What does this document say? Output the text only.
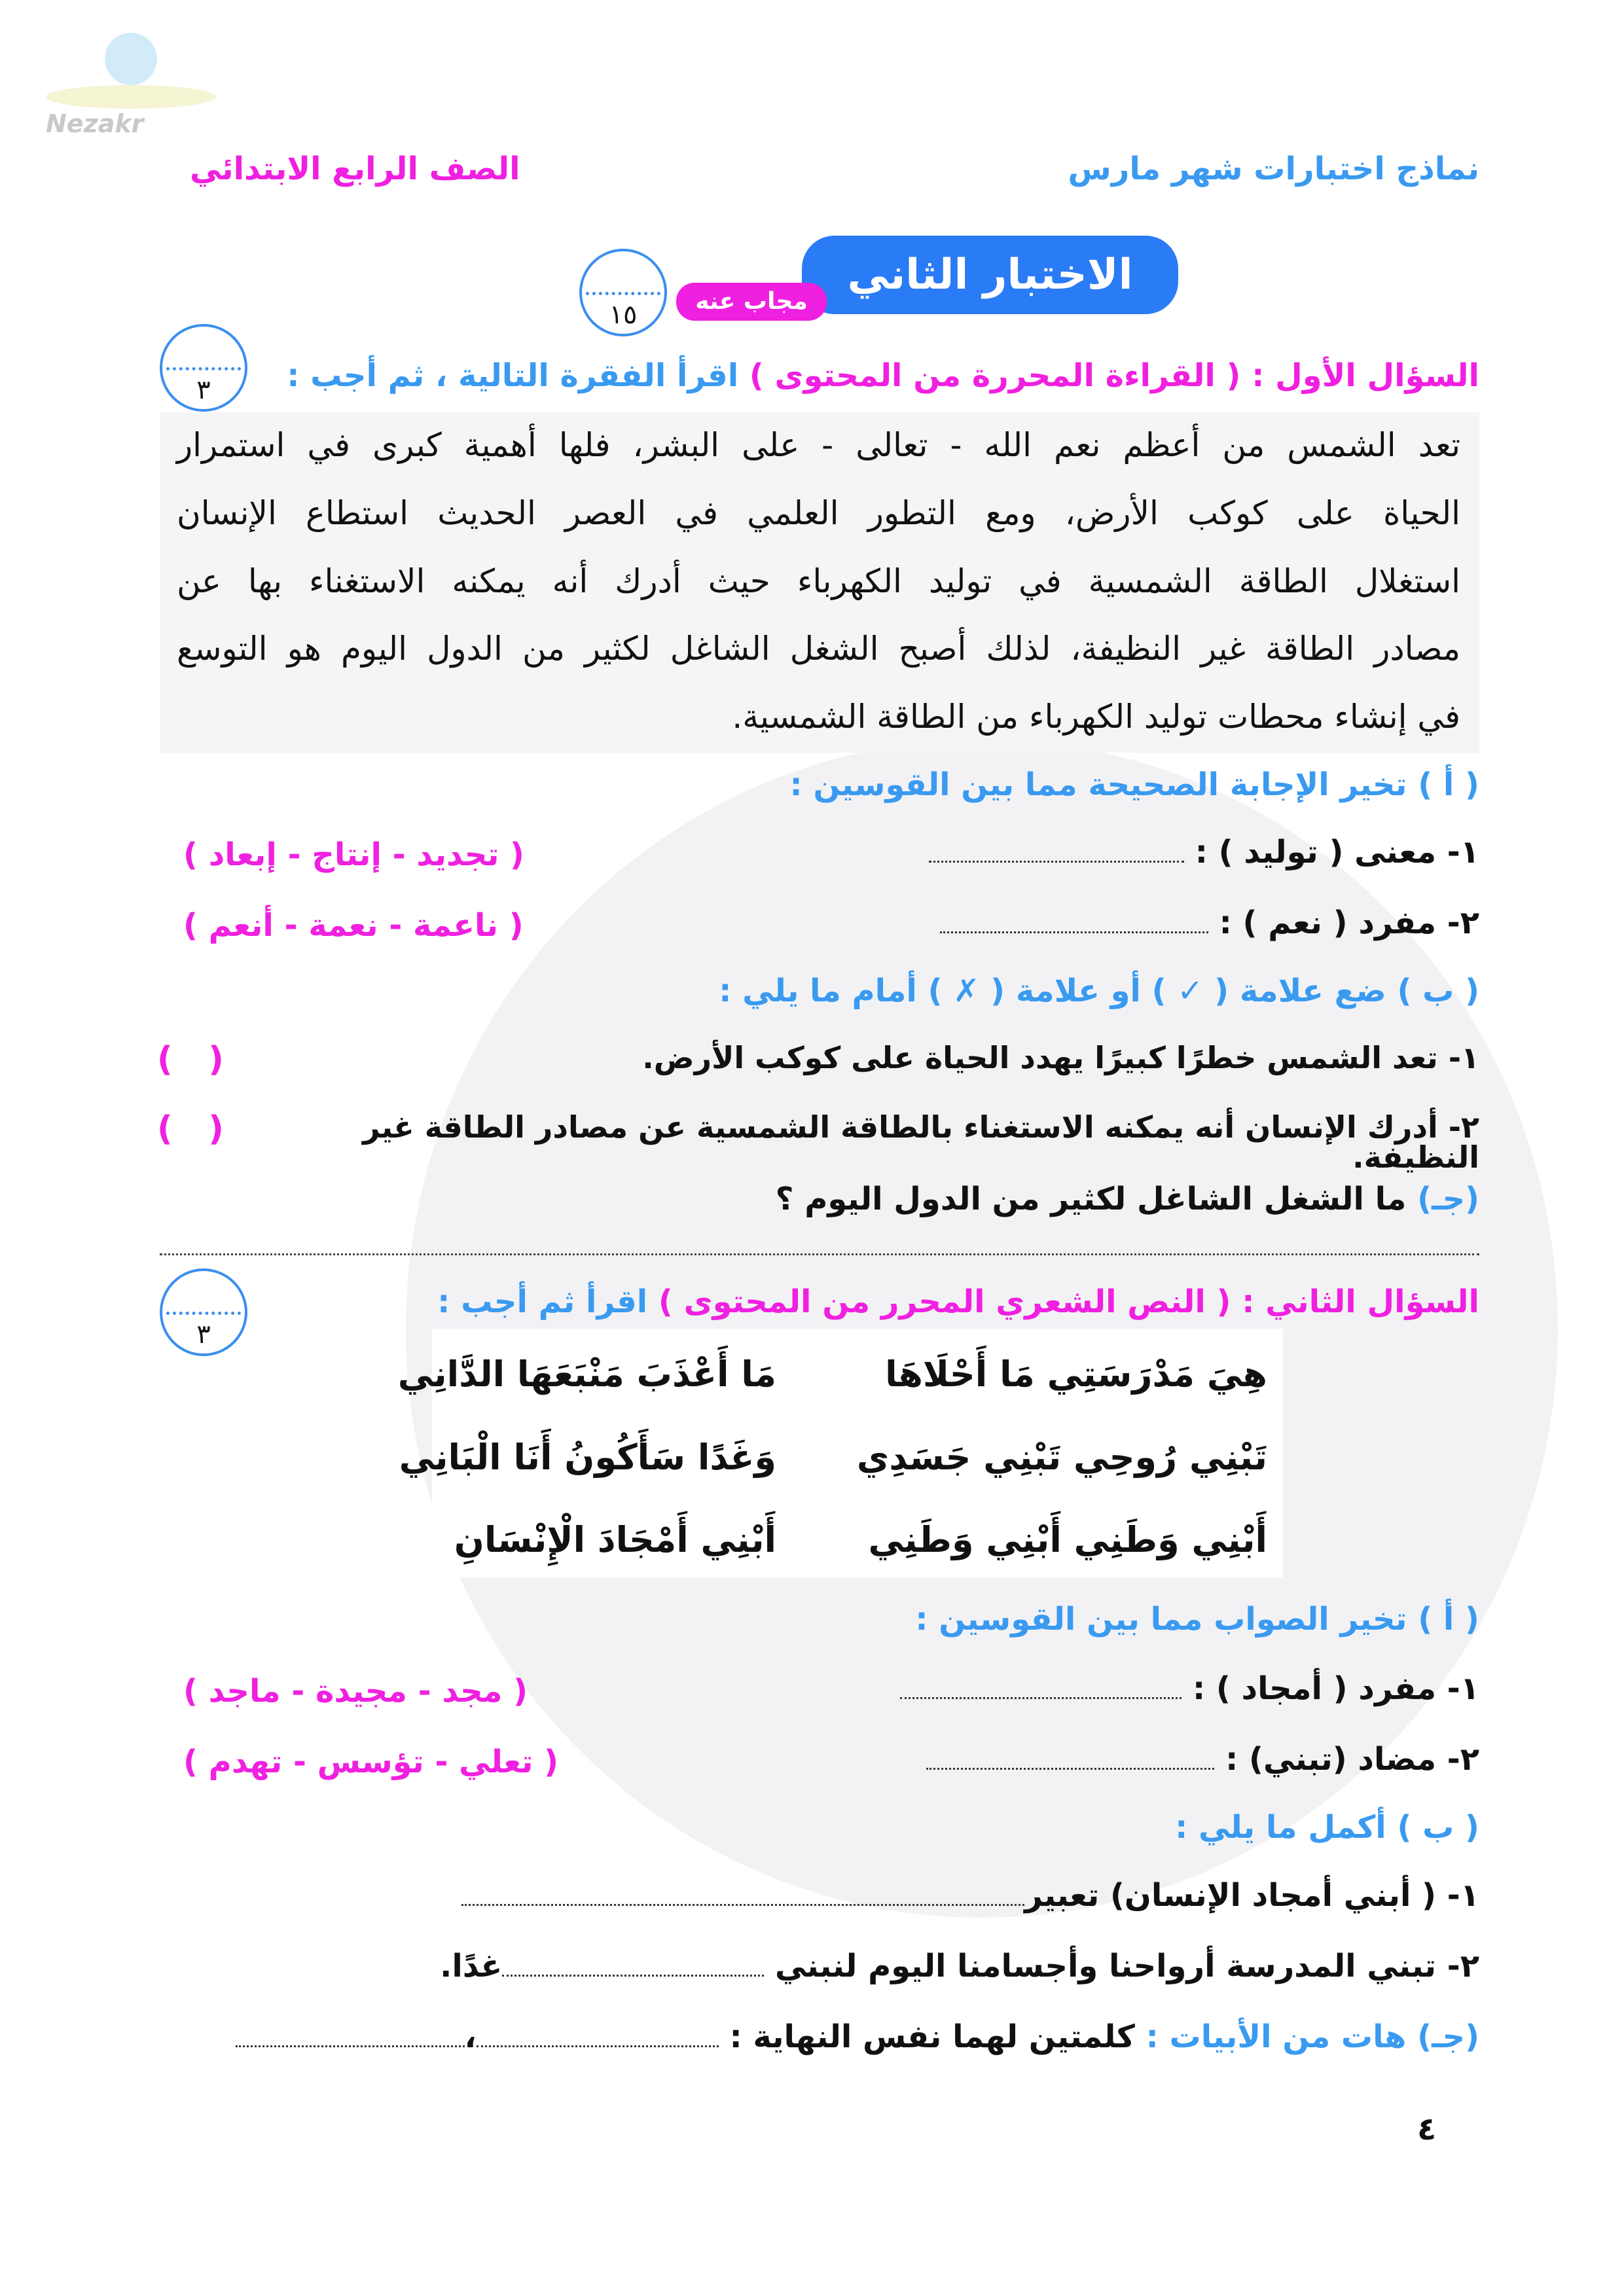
Nezakr
الصف الرابع الابتدائي	نماذج اختبارات شهر مارس
الاختبار الثاني
مجاب عنه
١٥
٣	السؤال الأول : ( القراءة المحررة من المحتوى ) اقرأ الفقرة التالية ، ثم أجب :
تعد الشمس من أعظم نعم الله - تعالى - على البشر، فلها أهمية كبرى في استمرار
الحياة على كوكب الأرض، ومع التطور العلمي في العصر الحديث استطاع الإنسان
استغلال الطاقة الشمسية في توليد الكهرباء حيث أدرك أنه يمكنه الاستغناء بها عن
مصادر الطاقة غير النظيفة، لذلك أصبح الشغل الشاغل لكثير من الدول اليوم هو التوسع
في إنشاء محطات توليد الكهرباء من الطاقة الشمسية.
( أ ) تخير الإجابة الصحيحة مما بين القوسين :
١- معنى ( توليد ) :
( تجديد - إنتاج - إبعاد )
٢- مفرد ( نعم ) :
( ناعمة - نعمة - أنعم )
( ب ) ضع علامة ( ✓ ) أو علامة ( ✗ ) أمام ما يلي :
١- تعد الشمس خطرًا كبيرًا يهدد الحياة على كوكب الأرض.
(   )
٢- أدرك الإنسان أنه يمكنه الاستغناء بالطاقة الشمسية عن مصادر الطاقة غير النظيفة.
(   )
(جـ) ما الشغل الشاغل لكثير من الدول اليوم ؟
٣
السؤال الثاني : ( النص الشعري المحرر من المحتوى ) اقرأ ثم أجب :
هِيَ مَدْرَسَتِي مَا أَحْلَاهَا
مَا أَعْذَبَ مَنْبَعَهَا الدَّانِي
تَبْنِي رُوحِي تَبْنِي جَسَدِي
وَغَدًا سَأَكُونُ أَنَا الْبَانِي
أَبْنِي وَطَنِي أَبْنِي وَطَنِي
أَبْنِي أَمْجَادَ الْإِنْسَانِ
( أ ) تخير الصواب مما بين القوسين :
١- مفرد ( أمجاد ) :
( مجد - مجيدة - ماجد )
٢- مضاد (تبني) :
( تعلي - تؤسس - تهدم )
( ب ) أكمل ما يلي :
١- ( أبني أمجاد الإنسان) تعبير
٢- تبني المدرسة أرواحنا وأجسامنا اليوم لنبني غدًا.
(جـ) هات من الأبيات : كلمتين لهما نفس النهاية : ،
٤
